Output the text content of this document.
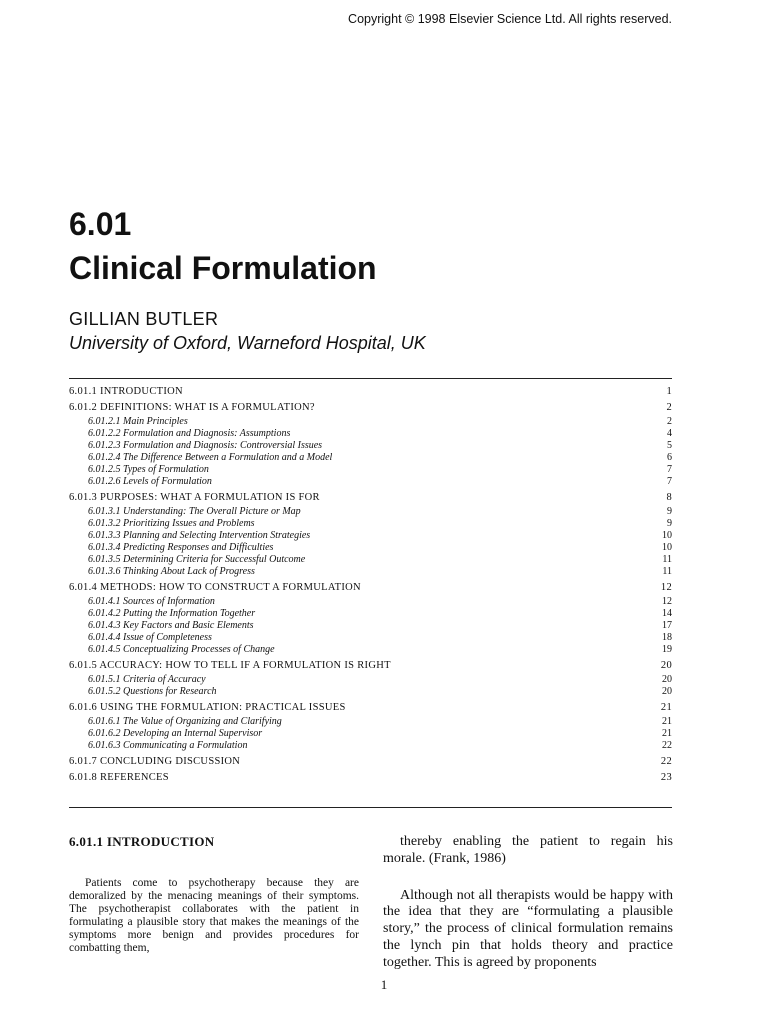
Copyright © 1998 Elsevier Science Ltd. All rights reserved.
6.01
Clinical Formulation
GILLIAN BUTLER
University of Oxford, Warneford Hospital, UK
6.01.1 INTRODUCTION	1
6.01.2 DEFINITIONS: WHAT IS A FORMULATION?	2
6.01.2.1 Main Principles	2
6.01.2.2 Formulation and Diagnosis: Assumptions	4
6.01.2.3 Formulation and Diagnosis: Controversial Issues	5
6.01.2.4 The Difference Between a Formulation and a Model	6
6.01.2.5 Types of Formulation	7
6.01.2.6 Levels of Formulation	7
6.01.3 PURPOSES: WHAT A FORMULATION IS FOR	8
6.01.3.1 Understanding: The Overall Picture or Map	9
6.01.3.2 Prioritizing Issues and Problems	9
6.01.3.3 Planning and Selecting Intervention Strategies	10
6.01.3.4 Predicting Responses and Difficulties	10
6.01.3.5 Determining Criteria for Successful Outcome	11
6.01.3.6 Thinking About Lack of Progress	11
6.01.4 METHODS: HOW TO CONSTRUCT A FORMULATION	12
6.01.4.1 Sources of Information	12
6.01.4.2 Putting the Information Together	14
6.01.4.3 Key Factors and Basic Elements	17
6.01.4.4 Issue of Completeness	18
6.01.4.5 Conceptualizing Processes of Change	19
6.01.5 ACCURACY: HOW TO TELL IF A FORMULATION IS RIGHT	20
6.01.5.1 Criteria of Accuracy	20
6.01.5.2 Questions for Research	20
6.01.6 USING THE FORMULATION: PRACTICAL ISSUES	21
6.01.6.1 The Value of Organizing and Clarifying	21
6.01.6.2 Developing an Internal Supervisor	21
6.01.6.3 Communicating a Formulation	22
6.01.7 CONCLUDING DISCUSSION	22
6.01.8 REFERENCES	23
6.01.1 INTRODUCTION

Patients come to psychotherapy because they are demoralized by the menacing meanings of their symptoms. The psychotherapist collaborates with the patient in formulating a plausible story that makes the meanings of the symptoms more benign and provides procedures for combatting them,

thereby enabling the patient to regain his morale. (Frank, 1986)

Although not all therapists would be happy with the idea that they are “formulating a plausible story,” the process of clinical formulation remains the lynch pin that holds theory and practice together. This is agreed by proponents

1
